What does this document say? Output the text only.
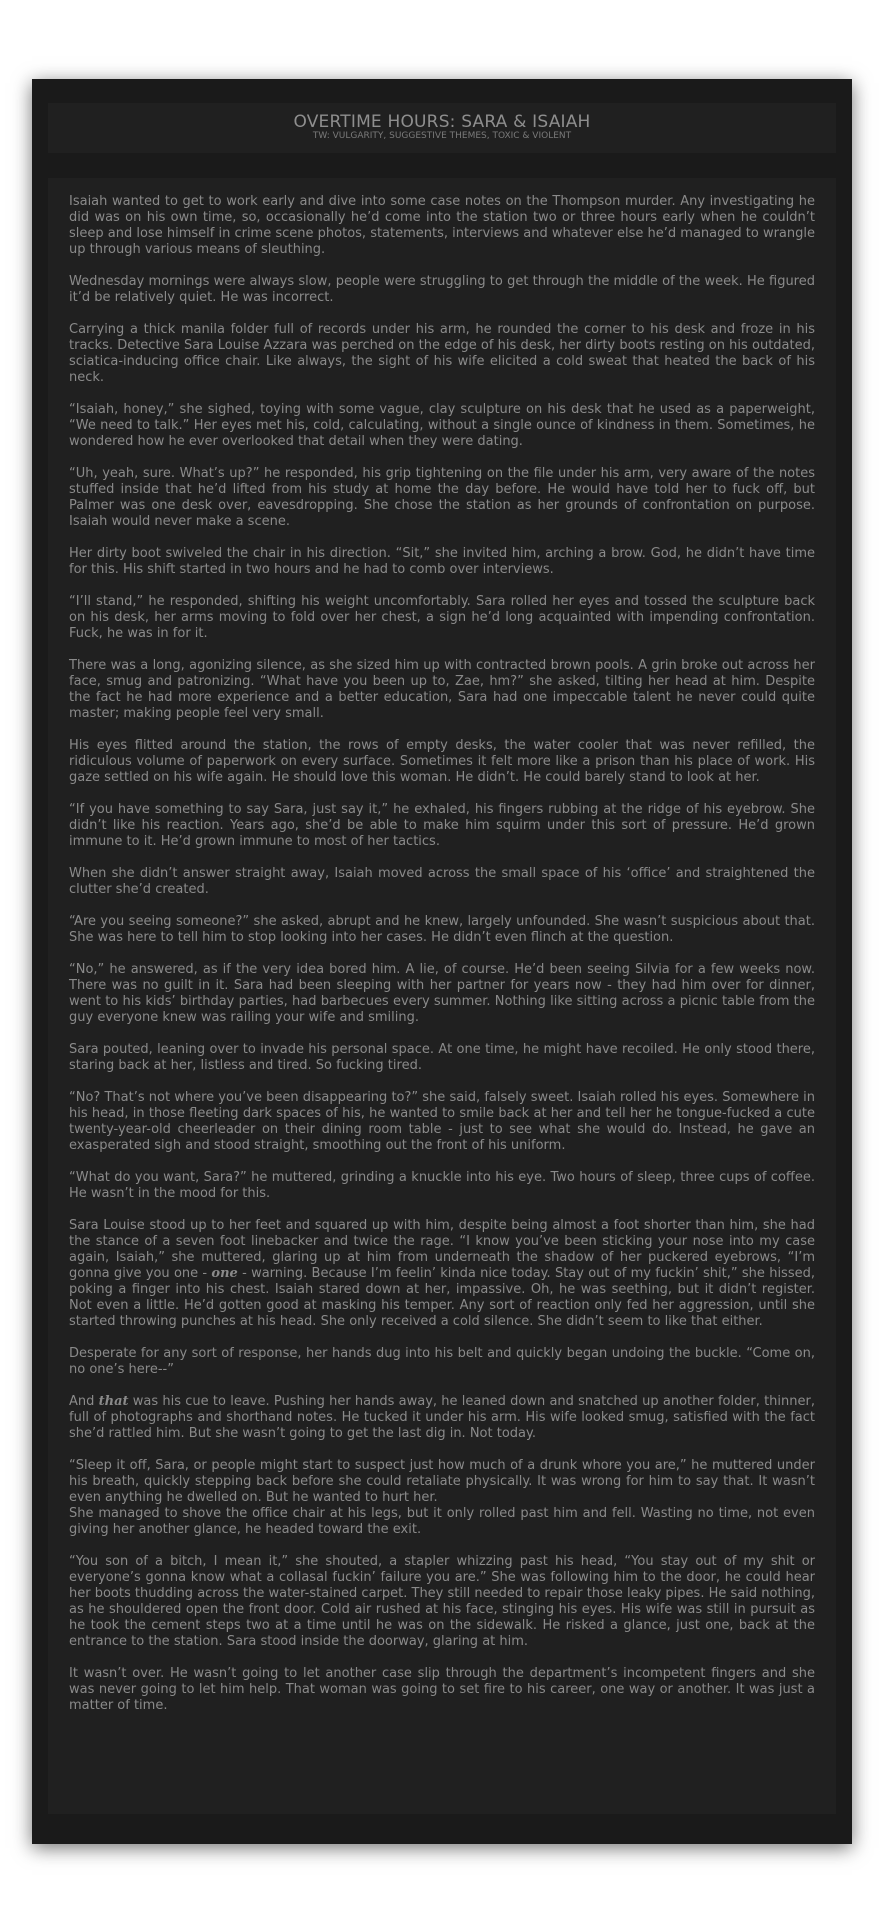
OVERTIME HOURS: SARA & ISAIAH

TW: VULGARITY, SUGGESTIVE THEMES, TOXIC & VIOLENT

Isaiah wanted to get to work early and dive into some case notes on the Thompson murder. Any investigating he did was on his own time, so, occasionally he’d come into the station two or three hours early when he couldn’t sleep and lose himself in crime scene photos, statements, interviews and whatever else he’d managed to wrangle up through various means of sleuthing.

Wednesday mornings were always slow, people were struggling to get through the middle of the week. He figured it’d be relatively quiet. He was incorrect.

Carrying a thick manila folder full of records under his arm, he rounded the corner to his desk and froze in his tracks. Detective Sara Louise Azzara was perched on the edge of his desk, her dirty boots resting on his outdated, sciatica-inducing office chair. Like always, the sight of his wife elicited a cold sweat that heated the back of his neck.

“Isaiah, honey,” she sighed, toying with some vague, clay sculpture on his desk that he used as a paperweight, “We need to talk.” Her eyes met his, cold, calculating, without a single ounce of kindness in them. Sometimes, he wondered how he ever overlooked that detail when they were dating.

“Uh, yeah, sure. What’s up?” he responded, his grip tightening on the file under his arm, very aware of the notes stuffed inside that he’d lifted from his study at home the day before. He would have told her to fuck off, but Palmer was one desk over, eavesdropping. She chose the station as her grounds of confrontation on purpose. Isaiah would never make a scene.

Her dirty boot swiveled the chair in his direction. “Sit,” she invited him, arching a brow. God, he didn’t have time for this. His shift started in two hours and he had to comb over interviews.

“I’ll stand,” he responded, shifting his weight uncomfortably. Sara rolled her eyes and tossed the sculpture back on his desk, her arms moving to fold over her chest, a sign he’d long acquainted with impending confrontation. Fuck, he was in for it.

There was a long, agonizing silence, as she sized him up with contracted brown pools. A grin broke out across her face, smug and patronizing. “What have you been up to, Zae, hm?” she asked, tilting her head at him. Despite the fact he had more experience and a better education, Sara had one impeccable talent he never could quite master; making people feel very small.

His eyes flitted around the station, the rows of empty desks, the water cooler that was never refilled, the ridiculous volume of paperwork on every surface. Sometimes it felt more like a prison than his place of work. His gaze settled on his wife again. He should love this woman. He didn’t. He could barely stand to look at her.

“If you have something to say Sara, just say it,” he exhaled, his fingers rubbing at the ridge of his eyebrow. She didn’t like his reaction. Years ago, she’d be able to make him squirm under this sort of pressure. He’d grown immune to it. He’d grown immune to most of her tactics.

When she didn’t answer straight away, Isaiah moved across the small space of his ‘office’ and straightened the clutter she’d created.

“Are you seeing someone?” she asked, abrupt and he knew, largely unfounded. She wasn’t suspicious about that. She was here to tell him to stop looking into her cases. He didn’t even flinch at the question.

“No,” he answered, as if the very idea bored him. A lie, of course. He’d been seeing Silvia for a few weeks now. There was no guilt in it. Sara had been sleeping with her partner for years now - they had him over for dinner, went to his kids’ birthday parties, had barbecues every summer. Nothing like sitting across a picnic table from the guy everyone knew was railing your wife and smiling.

Sara pouted, leaning over to invade his personal space. At one time, he might have recoiled. He only stood there, staring back at her, listless and tired. So fucking tired.

“No? That’s not where you’ve been disappearing to?” she said, falsely sweet. Isaiah rolled his eyes. Somewhere in his head, in those fleeting dark spaces of his, he wanted to smile back at her and tell her he tongue-fucked a cute twenty-year-old cheerleader on their dining room table - just to see what she would do. Instead, he gave an exasperated sigh and stood straight, smoothing out the front of his uniform.

“What do you want, Sara?” he muttered, grinding a knuckle into his eye. Two hours of sleep, three cups of coffee. He wasn’t in the mood for this.

Sara Louise stood up to her feet and squared up with him, despite being almost a foot shorter than him, she had the stance of a seven foot linebacker and twice the rage. “I know you’ve been sticking your nose into my case again, Isaiah,” she muttered, glaring up at him from underneath the shadow of her puckered eyebrows, “I’m gonna give you one - one - warning. Because I’m feelin’ kinda nice today. Stay out of my fuckin’ shit,” she hissed, poking a finger into his chest. Isaiah stared down at her, impassive. Oh, he was seething, but it didn’t register. Not even a little. He’d gotten good at masking his temper. Any sort of reaction only fed her aggression, until she started throwing punches at his head. She only received a cold silence. She didn’t seem to like that either.

Desperate for any sort of response, her hands dug into his belt and quickly began undoing the buckle. “Come on, no one’s here--”

And that was his cue to leave. Pushing her hands away, he leaned down and snatched up another folder, thinner, full of photographs and shorthand notes. He tucked it under his arm. His wife looked smug, satisfied with the fact she’d rattled him. But she wasn’t going to get the last dig in. Not today.

“Sleep it off, Sara, or people might start to suspect just how much of a drunk whore you are,” he muttered under his breath, quickly stepping back before she could retaliate physically. It was wrong for him to say that. It wasn’t even anything he dwelled on. But he wanted to hurt her.

She managed to shove the office chair at his legs, but it only rolled past him and fell. Wasting no time, not even giving her another glance, he headed toward the exit.

“You son of a bitch, I mean it,” she shouted, a stapler whizzing past his head, “You stay out of my shit or everyone’s gonna know what a collasal fuckin’ failure you are.” She was following him to the door, he could hear her boots thudding across the water-stained carpet. They still needed to repair those leaky pipes. He said nothing, as he shouldered open the front door. Cold air rushed at his face, stinging his eyes. His wife was still in pursuit as he took the cement steps two at a time until he was on the sidewalk. He risked a glance, just one, back at the entrance to the station. Sara stood inside the doorway, glaring at him.

It wasn’t over. He wasn’t going to let another case slip through the department’s incompetent fingers and she was never going to let him help. That woman was going to set fire to his career, one way or another. It was just a matter of time.
